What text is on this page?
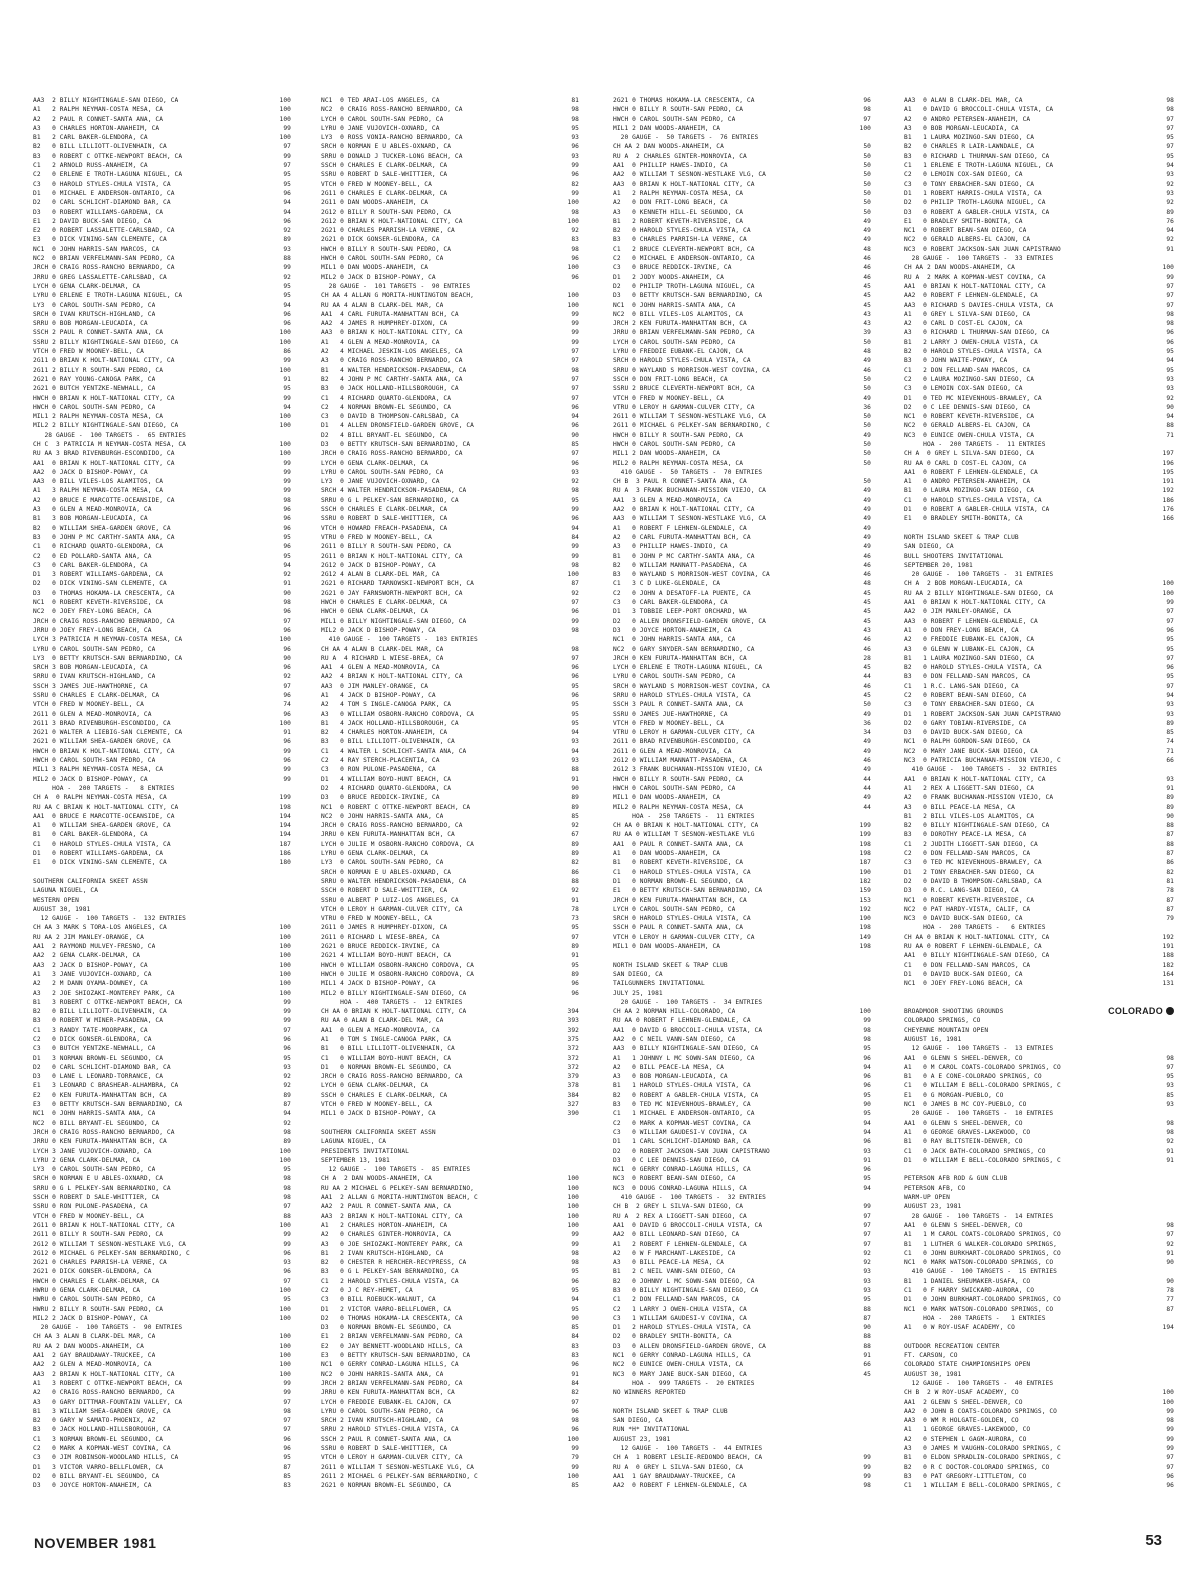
AA3  2 BILLY NIGHTINGALE-SAN DIEGO, CA	100
A1   2 RALPH NEYMAN-COSTA MESA, CA	100
A2   2 PAUL R CONNET-SANTA ANA, CA	100
A3   0 CHARLES HORTON-ANAHEIM, CA	99
B1   2 CARL BAKER-GLENDORA, CA	100
B2   0 BILL LILLIOTT-OLIVENHAIN, CA	97
B3   0 ROBERT C OTTKE-NEWPORT BEACH, CA	99
C1   2 ARNOLD RUSS-ANAHEIM, CA	97
C2   0 ERLENE E TROTH-LAGUNA NIGUEL, CA	95
C3   0 HAROLD STYLES-CHULA VISTA, CA	95
D1   0 MICHAEL E ANDERSON-ONTARIO, CA	96
D2   0 CARL SCHLICHT-DIAMOND BAR, CA	94
D3   0 ROBERT WILLIAMS-GARDENA, CA	94
E1   2 DAVID BUCK-SAN DIEGO, CA	96
E2   0 ROBERT LASSALETTE-CARLSBAD, CA	92
E3   0 DICK VINING-SAN CLEMENTE, CA	89
NC1  0 JOHN HARRIS-SAN MARCOS, CA	93
NC2  0 BRIAN VERFELMANN-SAN PEDRO, CA	88
JRCH 0 CRAIG ROSS-RANCHO BERNARDO, CA	99
JRRU 0 GREG LASSALETTE-CARLSBAD, CA	92
LYCH 0 GENA CLARK-DELMAR, CA	95
LYRU 0 ERLENE E TROTH-LAGUNA NIGUEL, CA	95
LY3  0 CAROL SOUTH-SAN PEDRO, CA	94
SRCH 0 IVAN KRUTSCH-HIGHLAND, CA	96
SRRU 0 BOB MORGAN-LEUCADIA, CA	96
SSCH 2 PAUL R CONNET-SANTA ANA, CA	100
SSRU 2 BILLY NIGHTINGALE-SAN DIEGO, CA	100
VTCH 0 FRED W MOONEY-BELL, CA	86
2G11 0 BRIAN K HOLT-NATIONAL CITY, CA	99
2G11 2 BILLY R SOUTH-SAN PEDRO, CA	100
2G21 0 RAY YOUNG-CANOGA PARK, CA	91
2G21 0 BUTCH YENTZKE-NEWHALL, CA	95
HWCH 0 BRIAN K HOLT-NATIONAL CITY, CA	99
HWCH 0 CAROL SOUTH-SAN PEDRO, CA	94
MIL1 2 RALPH NEYMAN-COSTA MESA, CA	100
MIL2 2 BILLY NIGHTINGALE-SAN DIEGO, CA	100
28 GAUGE -  100 TARGETS -  65 ENTRIES
CH C  3 PATRICIA M NEYMAN-COSTA MESA, CA	100
RU AA 3 BRAD RIVENBURGH-ESCONDIDO, CA	100
AA1  0 BRIAN K HOLT-NATIONAL CITY, CA	99
AA2  0 JACK D BISHOP-POWAY, CA	99
AA3  0 BILL VILES-LOS ALAMITOS, CA	99
A1   3 RALPH NEYMAN-COSTA MESA, CA	99
A2   0 BRUCE E MARCOTTE-OCEANSIDE, CA	98
A3   0 GLEN A MEAD-MONROVIA, CA	96
B1   3 BOB MORGAN-LEUCADIA, CA	96
B2   0 WILLIAM SHEA-GARDEN GROVE, CA	96
B3   0 JOHN P MC CARTHY-SANTA ANA, CA	95
C1   0 RICHARD QUARTO-GLENDORA, CA	96
C2   0 ED POLLARD-SANTA ANA, CA	95
C3   0 CARL BAKER-GLENDORA, CA	94
D1   3 ROBERT WILLIAMS-GARDENA, CA	92
D2   0 DICK VINING-SAN CLEMENTE, CA	91
D3   0 THOMAS HOKAMA-LA CRESCENTA, CA	90
NC1  0 ROBERT KEVETH-RIVERSIDE, CA	98
NC2  0 JOEY FREY-LONG BEACH, CA	96
JRCH 0 CRAIG ROSS-RANCHO BERNARDO, CA	97
JRRU 0 JOEY FREY-LONG BEACH, CA	96
LYCH 3 PATRICIA M NEYMAN-COSTA MESA, CA	100
LYRU 0 CAROL SOUTH-SAN PEDRO, CA	96
LY3  0 BETTY KRUTSCH-SAN BERNARDINO, CA	90
SRCH 3 BOB MORGAN-LEUCADIA, CA	96
SRRU 0 IVAN KRUTSCH-HIGHLAND, CA	92
SSCH 3 JAMES JUE-HAWTHORNE, CA	97
SSRU 0 CHARLES E CLARK-DELMAR, CA	96
VTCH 0 FRED W MOONEY-BELL, CA	74
2G11 0 GLEN A MEAD-MONROVIA, CA	96
2G11 3 BRAD RIVENBURGH-ESCONDIDO, CA	100
2G21 0 WALTER A LIEBIG-SAN CLEMENTE, CA	91
2G21 0 WILLIAM SHEA-GARDEN GROVE, CA	96
HWCH 0 BRIAN K HOLT-NATIONAL CITY, CA	99
HWCH 0 CAROL SOUTH-SAN PEDRO, CA	96
MIL1 3 RALPH NEYMAN-COSTA MESA, CA	99
MIL2 0 JACK D BISHOP-POWAY, CA	99
HOA -  200 TARGETS -   8 ENTRIES
CH A  0 RALPH NEYMAN-COSTA MESA, CA	199
RU AA C BRIAN K HOLT-NATIONAL CITY, CA	198
AA1  0 BRUCE E MARCOTTE-OCEANSIDE, CA	194
A1   0 WILLIAM SHEA-GARDEN GROVE, CA	194
B1   0 CARL BAKER-GLENDORA, CA	194
C1   0 HAROLD STYLES-CHULA VISTA, CA	187
D1   0 ROBERT WILLIAMS-GARDENA, CA	186
E1   0 DICK VINING-SAN CLEMENTE, CA	180
SOUTHERN CALIFORNIA SKEET ASSN
LAGUNA NIGUEL, CA
WESTERN OPEN
AUGUST 30, 1981
12 GAUGE -  100 TARGETS -  132 ENTRIES
CH AA 3 MARK S TORA-LOS ANGELES, CA	100
RU AA 2 JIM MANLEY-ORANGE, CA	100
AA1  2 RAYMOND MULVEY-FRESNO, CA	100
AA2  2 GENA CLARK-DELMAR, CA	100
AA3  2 JACK D BISHOP-POWAY, CA	100
A1   3 JANE VUJOVICH-OXNARD, CA	100
A2   2 M DANN OYAMA-DOWNEY, CA	100
A3   2 JOE SHIOZAKI-MONTEREY PARK, CA	100
B1   3 ROBERT C OTTKE-NEWPORT BEACH, CA	99
B2   0 BILL LILLIOTT-OLIVENHAIN, CA	99
B3   0 ROBERT W MINER-PASADENA, CA	99
C1   3 RANDY TATE-MOORPARK, CA	97
C2   0 DICK GONSER-GLENDORA, CA	96
C3   0 BUTCH YENTZKE-NEWHALL, CA	96
D1   3 NORMAN BROWN-EL SEGUNDO, CA	95
D2   0 CARL SCHLICHT-DIAMOND BAR, CA	93
D3   0 LANE L LEONARD-TORRANCE, CA	92
E1   3 LEONARD C BRASHEAR-ALHAMBRA, CA	92
E2   0 KEN FURUTA-MANHATTAN BCH, CA	89
E3   0 BETTY KRUTSCH-SAN BERNARDINO, CA	87
NC1  0 JOHN HARRIS-SANTA ANA, CA	94
NC2  0 BILL BRYANT-EL SEGUNDO, CA	92
JRCH 0 CRAIG ROSS-RANCHO BERNARDO, CA	98
JRRU 0 KEN FURUTA-MANHATTAN BCH, CA	89
LYCH 3 JANE VUJOVICH-OXNARD, CA	100
LYRU 2 GENA CLARK-DELMAR, CA	100
LY3  0 CAROL SOUTH-SAN PEDRO, CA	95
SRCH 0 NORMAN E U ABLES-OXNARD, CA	98
SRRU 0 G L PELKEY-SAN BERNARDINO, CA	98
SSCH 0 ROBERT D SALE-WHITTIER, CA	98
SSRU 0 RON PULONE-PASADENA, CA	97
VTCH 0 FRED W MOONEY-BELL, CA	88
2G11 0 BRIAN K HOLT-NATIONAL CITY, CA	100
2G11 0 BILLY R SOUTH-SAN PEDRO, CA	99
2G12 0 WILLIAM T SESNON-WESTLAKE VLG, CA	99
2G12 0 MICHAEL G PELKEY-SAN BERNARDINO, C	96
2G21 0 CHARLES PARRISH-LA VERNE, CA	93
2G21 0 DICK GONSER-GLENDORA, CA	96
HWCH 0 CHARLES E CLARK-DELMAR, CA	97
HWRU 0 GENA CLARK-DELMAR, CA	100
HWRU 0 CAROL SOUTH-SAN PEDRO, CA	95
HWRU 2 BILLY R SOUTH-SAN PEDRO, CA	100
MIL2 2 JACK D BISHOP-POWAY, CA	100
20 GAUGE -  100 TARGETS -  90 ENTRIES
CH AA 3 ALAN B CLARK-DEL MAR, CA	100
RU AA 2 DAN WOODS-ANAHEIM, CA	100
AA1  2 GAY BRAUDAWAY-TRUCKEE, CA	100
AA2  2 GLEN A MEAD-MONROVIA, CA	100
AA3  2 BRIAN K HOLT-NATIONAL CITY, CA	100
A1   3 ROBERT C OTTKE-NEWPORT BEACH, CA	99
A2   0 CRAIG ROSS-RANCHO BERNARDO, CA	99
A3   0 GARY DITTMAR-FOUNTAIN VALLEY, CA	97
B1   3 WILLIAM SHEA-GARDEN GROVE, CA	98
B2   0 GARY W SAMATO-PHOENIX, AZ	97
B3   0 JACK HOLLAND-HILLSBOROUGH, CA	97
C1   3 NORMAN BROWN-EL SEGUNDO, CA	96
C2   0 MARK A KOPMAN-WEST COVINA, CA	96
C3   0 JIM ROBINSON-WOODLAND HILLS, CA	95
D1   3 VICTOR VARRO-BELLFLOWER, CA	87
D2   0 BILL BRYANT-EL SEGUNDO, CA	85
D3   0 JOYCE HORTON-ANAHEIM, CA	83
NC1  0 TED ARAI-LOS ANGELES, CA	81
NC2  0 CRAIG ROSS-RANCHO BERNARDO, CA	98
LYCH 0 CAROL SOUTH-SAN PEDRO, CA	98
LYRU 0 JANE VUJOVICH-OXNARD, CA	95
LY3  0 ROSS VONIA-RANCHO BERNARDO, CA	93
SRCH 0 NORMAN E U ABLES-OXNARD, CA	96
SRRU 0 DONALD J TUCKER-LONG BEACH, CA	93
SSCH 0 CHARLES E CLARK-DELMAR, CA	99
SSRU 0 ROBERT D SALE-WHITTIER, CA	96
VTCH 0 FRED W MOONEY-BELL, CA	82
2G11 0 CHARLES E CLARK-DELMAR, CA	99
2G11 0 DAN WOODS-ANAHEIM, CA	100
2G12 0 BILLY R SOUTH-SAN PEDRO, CA	98
2G12 0 BRIAN K HOLT-NATIONAL CITY, CA	100
2G21 0 CHARLES PARRISH-LA VERNE, CA	92
2G21 0 DICK GONSER-GLENDORA, CA	83
HWCH 0 BILLY R SOUTH-SAN PEDRO, CA	98
HWCH 0 CAROL SOUTH-SAN PEDRO, CA	96
MIL1 0 DAN WOODS-ANAHEIM, CA	100
MIL2 0 JACK D BISHOP-POWAY, CA	96
28 GAUGE -  101 TARGETS -  90 ENTRIES
CH AA 4 ALLAN G MORITA-HUNTINGTON BEACH,	100
RU AA 4 ALAN B CLARK-DEL MAR, CA	100
AA1  4 CARL FURUTA-MANHATTAN BCH, CA	99
AA2  4 JAMES R HUMPHREY-DIXON, CA	99
AA3  0 BRIAN K HOLT-NATIONAL CITY, CA	99
A1   4 GLEN A MEAD-MONROVIA, CA	99
A2   4 MICHAEL JESKIN-LOS ANGELES, CA	97
A3   0 CRAIG ROSS-RANCHO BERNARDO, CA	97
B1   4 WALTER HENDRICKSON-PASADENA, CA	98
B2   4 JOHN P MC CARTHY-SANTA ANA, CA	97
B3   0 JACK HOLLAND-HILLSBOROUGH, CA	97
C1   4 RICHARD QUARTO-GLENDORA, CA	97
C2   4 NORMAN BROWN-EL SEGUNDO, CA	96
C3   0 DAVID B THOMPSON-CARLSBAD, CA	94
D1   4 ALLEN DRONSFIELD-GARDEN GROVE, CA	96
D2   4 BILL BRYANT-EL SEGUNDO, CA	90
D3   0 BETTY KRUTSCH-SAN BERNARDINO, CA	85
JRCH 0 CRAIG ROSS-RANCHO BERNARDO, CA	97
LYCH 0 GENA CLARK-DELMAR, CA	96
LYRU 0 CAROL SOUTH-SAN PEDRO, CA	93
LY3  0 JANE VUJOVICH-OXNARD, CA	92
SRCH 4 WALTER HENDRICKSON-PASADENA, CA	98
SRRU 0 G L PELKEY-SAN BERNARDINO, CA	95
SSCH 0 CHARLES E CLARK-DELMAR, CA	99
SSRU 0 ROBERT D SALE-WHITTIER, CA	96
VTCH 0 HOWARD FREACH-PASADENA, CA	94
VTRU 0 FRED W MOONEY-BELL, CA	84
2G11 0 BILLY R SOUTH-SAN PEDRO, CA	99
2G11 0 BRIAN K HOLT-NATIONAL CITY, CA	99
2G12 0 JACK D BISHOP-POWAY, CA	98
2G12 4 ALAN B CLARK-DEL MAR, CA	100
2G21 0 RICHARD TARNOWSKI-NEWPORT BCH, CA	87
2G21 0 JAY FARNSWORTH-NEWPORT BCH, CA	92
HWCH 0 CHARLES E CLARK-DELMAR, CA	97
HWCH 0 GENA CLARK-DELMAR, CA	96
MIL1 0 BILLY NIGHTINGALE-SAN DIEGO, CA	99
MIL2 0 JACK D BISHOP-POWAY, CA	98
410 GAUGE -  100 TARGETS -  103 ENTRIES
CH AA 4 ALAN B CLARK-DEL MAR, CA	98
RU A  4 RICHARD L WIESE-BREA, CA	97
AA1  4 GLEN A MEAD-MONROVIA, CA	96
AA2  4 BRIAN K HOLT-NATIONAL CITY, CA	96
AA3  0 JIM MANLEY-ORANGE, CA	95
A1   4 JACK D BISHOP-POWAY, CA	96
A2   4 TOM S INGLE-CANOGA PARK, CA	95
A3   0 WILLIAM OSBORN-RANCHO CORDOVA, CA	95
B1   4 JACK HOLLAND-HILLSBOROUGH, CA	95
B2   4 CHARLES HORTON-ANAHEIM, CA	94
B3   0 BILL LILLIOTT-OLIVENHAIN, CA	93
C1   4 WALTER L SCHLICHT-SANTA ANA, CA	94
C2   4 RAY STERCH-PLACENTIA, CA	93
C3   0 RON PULONE-PASADENA, CA	88
D1   4 WILLIAM BOYD-HUNT BEACH, CA	91
D2   4 RICHARD QUARTO-GLENDORA, CA	90
D3   0 BRUCE REDDICK-IRVINE, CA	89
NC1  0 ROBERT C OTTKE-NEWPORT BEACH, CA	89
NC2  0 JOHN HARRIS-SANTA ANA, CA	85
JRCH 0 CRAIG ROSS-RANCHO BERNARDO, CA	92
JRRU 0 KEN FURUTA-MANHATTAN BCH, CA	67
LYCH 0 JULIE M OSBORN-RANCHO CORDOVA, CA	89
LYRU 0 GENA CLARK-DELMAR, CA	89
LY3  0 CAROL SOUTH-SAN PEDRO, CA	82
SRCH 0 NORMAN E U ABLES-OXNARD, CA	86
SRRU 0 WALTER HENDRICKSON-PASADENA, CA	88
SSCH 0 ROBERT D SALE-WHITTIER, CA	92
SSRU 0 ALBERT P LUIZ-LOS ANGELES, CA	91
VTCH 0 LEROY H GARMAN-CULVER CITY, CA	78
VTRU 0 FRED W MOONEY-BELL, CA	73
2G11 0 JAMES R HUMPHREY-DIXON, CA	95
2G11 0 RICHARD L WIESE-BREA, CA	97
2G21 0 BRUCE REDDICK-IRVINE, CA	89
2G21 4 WILLIAM BOYD-HUNT BEACH, CA	91
HWCH 0 WILLIAM OSBORN-RANCHO CORDOVA, CA	95
HWCH 0 JULIE M OSBORN-RANCHO CORDOVA, CA	89
MIL1 4 JACK D BISHOP-POWAY, CA	96
MIL2 0 BILLY NIGHTINGALE-SAN DIEGO, CA	96
HOA -  400 TARGETS -  12 ENTRIES
CH AA 0 BRIAN K HOLT-NATIONAL CITY, CA	394
RU AA 0 ALAN B CLARK-DEL MAR, CA	393
AA1  0 GLEN A MEAD-MONROVIA, CA	392
A1   0 TOM S INGLE-CANOGA PARK, CA	375
B1   0 BILL LILLIOTT-OLIVENHAIN, CA	372
C1   0 WILLIAM BOYD-HUNT BEACH, CA	372
D1   0 NORMAN BROWN-EL SEGUNDO, CA	372
JRCH 0 CRAIG ROSS-RANCHO BERNARDO, CA	379
LYCH 0 GENA CLARK-DELMAR, CA	378
SSCH 0 CHARLES E CLARK-DELMAR, CA	384
VTCH 0 FRED W MOONEY-BELL, CA	327
MIL1 0 JACK D BISHOP-POWAY, CA	390
SOUTHERN CALIFORNIA SKEET ASSN
LAGUNA NIGUEL, CA
PRESIDENTS INVITATIONAL
SEPTEMBER 13, 1981
12 GAUGE -  100 TARGETS -  85 ENTRIES
CH A  2 DAN WOODS-ANAHEIM, CA	100
RU AA 2 MICHAEL G PELKEY-SAN BERNARDINO,	100
AA1  2 ALLAN G MORITA-HUNTINGTON BEACH, C	100
AA2  2 PAUL R CONNET-SANTA ANA, CA	100
AA3  2 BRIAN K HOLT-NATIONAL CITY, CA	100
A1   2 CHARLES HORTON-ANAHEIM, CA	100
A2   0 CHARLES GINTER-MONROVIA, CA	99
A3   0 JOE SHIOZAKI-MONTEREY PARK, CA	99
B1   2 IVAN KRUTSCH-HIGHLAND, CA	98
B2   0 CHESTER R HERCHER-RECYPRESS, CA	98
B3   0 G L PELKEY-SAN BERNARDINO, CA	95
C1   2 HAROLD STYLES-CHULA VISTA, CA	96
C2   0 J C REY-HEMET, CA	95
C3   0 BILL ROEBUCK-WALNUT, CA	94
D1   2 VICTOR VARRO-BELLFLOWER, CA	95
D2   0 THOMAS HOKAMA-LA CRESCENTA, CA	90
D3   0 NORMAN BROWN-EL SEGUNDO, CA	85
E1   2 BRIAN VERFELMANN-SAN PEDRO, CA	84
E2   0 JAY BENNETT-WOODLAND HILLS, CA	83
E3   0 BETTY KRUTSCH-SAN BERNARDINO, CA	83
NC1  0 GERRY CONRAD-LAGUNA HILLS, CA	96
NC2  0 JOHN HARRIS-SANTA ANA, CA	91
JRCH 2 BRIAN VERFELMANN-SAN PEDRO, CA	84
JRRU 0 KEN FURUTA-MANHATTAN BCH, CA	82
LYCH 0 FREDDIE EUBANK-EL CAJON, CA	97
LYRU 0 CAROL SOUTH-SAN PEDRO, CA	96
SRCH 2 IVAN KRUTSCH-HIGHLAND, CA	98
SRRU 2 HAROLD STYLES-CHULA VISTA, CA	96
SSCH 2 PAUL R CONNET-SANTA ANA, CA	100
SSRU 0 ROBERT D SALE-WHITTIER, CA	99
VTCH 0 LEROY H GARMAN-CULVER CITY, CA	79
2G11 0 WILLIAM T SESNON-WESTLAKE VLG, CA	99
2G11 2 MICHAEL G PELKEY-SAN BERNARDINO, C	100
2G21 0 NORMAN BROWN-EL SEGUNDO, CA	85
2G21 0 THOMAS HOKAMA-LA CRESCENTA, CA	96
HWCH 0 BILLY R SOUTH-SAN PEDRO, CA	98
HWCH 0 CAROL SOUTH-SAN PEDRO, CA	97
MIL1 2 DAN WOODS-ANAHEIM, CA	100
20 GAUGE -  50 TARGETS -  76 ENTRIES
CH AA 2 DAN WOODS-ANAHEIM, CA	50
RU A  2 CHARLES GINTER-MONROVIA, CA	50
AA1  0 PHILLIP HAWES-INDIO, CA	50
AA2  0 WILLIAM T SESNON-WESTLAKE VLG, CA	50
AA3  0 BRIAN K HOLT-NATIONAL CITY, CA	50
A1   2 RALPH NEYMAN-COSTA MESA, CA	50
A2   0 DON FRIT-LONG BEACH, CA	50
A3   0 KENNETH HILL-EL SEGUNDO, CA	50
B1   2 ROBERT KEVETH-RIVERSIDE, CA	49
B2   0 HAROLD STYLES-CHULA VISTA, CA	49
B3   0 CHARLES PARRISH-LA VERNE, CA	49
C1   2 BRUCE CLEVERTH-NEWPORT BCH, CA	48
C2   0 MICHAEL E ANDERSON-ONTARIO, CA	46
C3   0 BRUCE REDDICK-IRVINE, CA	46
D1   2 JODY WOODS-ANAHEIM, CA	46
D2   0 PHILIP TROTH-LAGUNA NIGUEL, CA	45
D3   0 BETTY KRUTSCH-SAN BERNARDINO, CA	45
NC1  0 JOHN HARRIS-SANTA ANA, CA	45
NC2  0 BILL VILES-LOS ALAMITOS, CA	43
JRCH 2 KEN FURUTA-MANHATTAN BCH, CA	43
JRRU 0 BRIAN VERFELMANN-SAN PEDRO, CA	39
LYCH 0 CAROL SOUTH-SAN PEDRO, CA	50
LYRU 0 FREDDIE EUBANK-EL CAJON, CA	48
SRCH 0 HAROLD STYLES-CHULA VISTA, CA	49
SRRU 0 WAYLAND S MORRISON-WEST COVINA, CA	46
SSCH 0 DON FRIT-LONG BEACH, CA	50
SSRU 2 BRUCE CLEVERTH-NEWPORT BCH, CA	50
VTCH 0 FRED W MOONEY-BELL, CA	49
VTRU 0 LEROY H GARMAN-CULVER CITY, CA	36
2G11 0 WILLIAM T SESNON-WESTLAKE VLG, CA	50
2G11 0 MICHAEL G PELKEY-SAN BERNARDINO, C	50
HWCH 0 BILLY R SOUTH-SAN PEDRO, CA	49
HWCH 0 CAROL SOUTH-SAN PEDRO, CA	50
MIL1 2 DAN WOODS-ANAHEIM, CA	50
MIL2 0 RALPH NEYMAN-COSTA MESA, CA	50
410 GAUGE -  50 TARGETS -  70 ENTRIES
CH B  3 PAUL R CONNET-SANTA ANA, CA	50
RU A  3 FRANK BUCHANAN-MISSION VIEJO, CA	49
AA1  3 GLEN A MEAD-MONROVIA, CA	49
AA2  0 BRIAN K HOLT-NATIONAL CITY, CA	49
AA3  0 WILLIAM T SESNON-WESTLAKE VLG, CA	49
A1   0 ROBERT F LEHNEN-GLENDALE, CA	49
A2   0 CARL FURUTA-MANHATTAN BCH, CA	49
A3   0 PHILLIP HAWES-INDIO, CA	49
B1   0 JOHN P MC CARTHY-SANTA ANA, CA	46
B2   0 WILLIAM MANNATT-PASADENA, CA	46
B3   0 WAYLAND S MORRISON-WEST COVINA, CA	46
C1   3 C D LUKE-GLENDALE, CA	48
C2   0 JOHN A DESATOFF-LA PUENTE, CA	45
C3   0 CARL BAKER-GLENDORA, CA	45
D1   3 TOBBIE LEEP-PORT ORCHARD, WA	45
D2   0 ALLEN DRONSFIELD-GARDEN GROVE, CA	45
D3   0 JOYCE HORTON-ANAHEIM, CA	43
NC1  0 JOHN HARRIS-SANTA ANA, CA	46
NC2  0 GARY SNYDER-SAN BERNARDINO, CA	46
JRCH 0 KEN FURUTA-MANHATTAN BCH, CA	28
LYCH 0 ERLENE E TROTH-LAGUNA NIGUEL, CA	45
LYRU 0 CAROL SOUTH-SAN PEDRO, CA	44
SRCH 0 WAYLAND S MORRISON-WEST COVINA, CA	46
SRRU 0 HAROLD STYLES-CHULA VISTA, CA	45
SSCH 3 PAUL R CONNET-SANTA ANA, CA	50
SSRU 0 JAMES JUE-HAWTHORNE, CA	49
VTCH 0 FRED W MOONEY-BELL, CA	36
VTRU 0 LEROY H GARMAN-CULVER CITY, CA	34
2G11 0 BRAD RIVENBURGH-ESCONDIDO, CA	49
2G11 0 GLEN A MEAD-MONROVIA, CA	49
2G12 0 WILLIAM MANNATT-PASADENA, CA	46
2G12 3 FRANK BUCHANAN-MISSION VIEJO, CA	49
HWCH 0 BILLY R SOUTH-SAN PEDRO, CA	44
HWCH 0 CAROL SOUTH-SAN PEDRO, CA	44
MIL1 0 DAN WOODS-ANAHEIM, CA	49
MIL2 0 RALPH NEYMAN-COSTA MESA, CA	44
HOA -  250 TARGETS -  11 ENTRIES
CH AA 0 BRIAN K HOLT-NATIONAL CITY, CA	199
RU AA 0 WILLIAM T SESNON-WESTLAKE VLG	199
AA1  0 PAUL R CONNET-SANTA ANA, CA	198
A1   0 DAN WOODS-ANAHEIM, CA	198
B1   0 ROBERT KEVETH-RIVERSIDE, CA	187
C1   0 HAROLD STYLES-CHULA VISTA, CA	190
D1   0 NORMAN BROWN-EL SEGUNDO, CA	182
E1   0 BETTY KRUTSCH-SAN BERNARDINO, CA	159
JRCH 0 KEN FURUTA-MANHATTAN BCH, CA	153
LYCH 0 CAROL SOUTH-SAN PEDRO, CA	192
SRCH 0 HAROLD STYLES-CHULA VISTA, CA	190
SSCH 0 PAUL R CONNET-SANTA ANA, CA	198
VTCH 0 LEROY H GARMAN-CULVER CITY, CA	149
MIL1 0 DAN WOODS-ANAHEIM, CA	198
NORTH ISLAND SKEET & TRAP CLUB
SAN DIEGO, CA
TAILGUNNERS INVITATIONAL
JULY 25, 1981
20 GAUGE -  100 TARGETS -  34 ENTRIES
CH AA 2 NORMAN HILL-COLORADO, CA	100
RU AA 0 ROBERT F LEHNEN-GLENDALE, CA	99
AA1  0 DAVID G BROCCOLI-CHULA VISTA, CA	98
AA2  0 C NEIL VANN-SAN DIEGO, CA	98
AA3  0 BILLY NIGHTINGALE-SAN DIEGO, CA	95
A1   1 JOHNNY L MC SOWN-SAN DIEGO, CA	96
A2   0 BILL PEACE-LA MESA, CA	94
A3   0 BOB MORGAN-LEUCADIA, CA	96
B1   1 HAROLD STYLES-CHULA VISTA, CA	96
B2   0 ROBERT A GABLER-CHULA VISTA, CA	95
B3   0 TED MC NIEVENHOUS-BRAWLEY, CA	90
C1   1 MICHAEL E ANDERSON-ONTARIO, CA	95
C2   0 MARK A KOPMAN-WEST COVINA, CA	94
C3   0 WILLIAM GAUDESI-V COVINA, CA	94
D1   1 CARL SCHLICHT-DIAMOND BAR, CA	96
D2   0 ROBERT JACKSON-SAN JUAN CAPISTRANO	93
D3   0 C LEE DENNIS-SAN DIEGO, CA	91
NC1  0 GERRY CONRAD-LAGUNA HILLS, CA	96
NC3  0 ROBERT BEAN-SAN DIEGO, CA	95
NC3  0 DOUG CONRAD-LAGUNA HILLS, CA	94
410 GAUGE -  100 TARGETS -  32 ENTRIES
CH B  2 GREY L SILVA-SAN DIEGO, CA	99
RU A  2 REX A LIGGETT-SAN DIEGO, CA	97
AA1  0 DAVID G BROCCOLI-CHULA VISTA, CA	97
AA2  0 BILL LEONARD-SAN DIEGO, CA	97
A1   2 ROBERT F LEHNEN-GLENDALE, CA	97
A2   0 W F MARCHANT-LAKESIDE, CA	92
A3   0 BILL PEACE-LA MESA, CA	92
B1   2 C NEIL VANN-SAN DIEGO, CA	93
B2   0 JOHNNY L MC SOWN-SAN DIEGO, CA	93
B3   0 BILLY NIGHTINGALE-SAN DIEGO, CA	93
C1   2 DON FELLAND-SAN MARCOS, CA	95
C2   1 LARRY J OWEN-CHULA VISTA, CA	88
C3   1 WILLIAM GAUDESI-V COVINA, CA	87
D1   2 HAROLD STYLES-CHULA VISTA, CA	90
D2   0 BRADLEY SMITH-BONITA, CA	88
D3   0 ALLEN DRONSFIELD-GARDEN GROVE, CA	88
NC1  0 GERRY CONRAD-LAGUNA HILLS, CA	91
NC2  0 EUNICE OWEN-CHULA VISTA, CA	66
NC3  0 MARY JANE BUCK-SAN DIEGO, CA	45
HOA -  999 TARGETS -  20 ENTRIES
NO WINNERS REPORTED
NORTH ISLAND SKEET & TRAP CLUB
SAN DIEGO, CA
RUN *H* INVITATIONAL
AUGUST 23, 1981
12 GAUGE -  100 TARGETS -  44 ENTRIES
CH A  1 ROBERT LESLIE-REDONDO BEACH, CA	99
RU A  0 GREY L SILVA-SAN DIEGO, CA	99
AA1  1 GAY BRAUDAWAY-TRUCKEE, CA	99
AA2  0 ROBERT F LEHNEN-GLENDALE, CA	98
AA3  0 ALAN B CLARK-DEL MAR, CA	98
A1   0 DAVID G BROCCOLI-CHULA VISTA, CA	98
A2   0 ANDRO PETERSEN-ANAHEIM, CA	97
A3   0 BOB MORGAN-LEUCADIA, CA	97
B1   1 LAURA MOZINGO-SAN DIEGO, CA	95
B2   0 CHARLES R LAIR-LAWNDALE, CA	97
B3   0 RICHARD L THURMAN-SAN DIEGO, CA	95
C1   1 ERLENE E TROTH-LAGUNA NIGUEL, CA	94
C2   0 LEMOIN COX-SAN DIEGO, CA	93
C3   0 TONY ERBACHER-SAN DIEGO, CA	92
D1   1 ROBERT HARRIS-CHULA VISTA, CA	93
D2   0 PHILIP TROTH-LAGUNA NIGUEL, CA	92
D3   0 ROBERT A GABLER-CHULA VISTA, CA	89
E1   0 BRADLEY SMITH-BONITA, CA	76
NC1  0 ROBERT BEAN-SAN DIEGO, CA	94
NC2  0 GERALD ALBERS-EL CAJON, CA	92
NC3  0 ROBERT JACKSON-SAN JUAN CAPISTRANO	91
28 GAUGE -  100 TARGETS -  33 ENTRIES
CH AA 2 DAN WOODS-ANAHEIM, CA	100
RU A  2 MARK A KOPMAN-WEST COVINA, CA	99
AA1  0 BRIAN K HOLT-NATIONAL CITY, CA	97
AA2  0 ROBERT F LEHNEN-GLENDALE, CA	97
AA3  0 RICHARD S DAVIES-CHULA VISTA, CA	97
A1   0 GREY L SILVA-SAN DIEGO, CA	98
A2   0 CARL D COST-EL CAJON, CA	98
A3   0 RICHARD L THURMAN-SAN DIEGO, CA	96
B1   2 LARRY J OWEN-CHULA VISTA, CA	96
B2   0 HAROLD STYLES-CHULA VISTA, CA	95
B3   0 JOHN WAITE-POWAY, CA	94
C1   2 DON FELLAND-SAN MARCOS, CA	95
C2   0 LAURA MOZINGO-SAN DIEGO, CA	93
C3   0 LEMOIN COX-SAN DIEGO, CA	93
D1   0 TED MC NIEVENHOUS-BRAWLEY, CA	92
D2   0 C LEE DENNIS-SAN DIEGO, CA	90
NC1  0 ROBERT KEVETH-RIVERSIDE, CA	94
NC2  0 GERALD ALBERS-EL CAJON, CA	88
NC3  0 EUNICE OWEN-CHULA VISTA, CA	71
HOA -  200 TARGETS -  11 ENTRIES
CH A  0 GREY L SILVA-SAN DIEGO, CA	197
RU AA 0 CARL D COST-EL CAJON, CA	196
AA1  0 ROBERT F LEHNEN-GLENDALE, CA	195
A1   0 ANDRO PETERSEN-ANAHEIM, CA	191
B1   0 LAURA MOZINGO-SAN DIEGO, CA	192
C1   0 HAROLD STYLES-CHULA VISTA, CA	186
D1   0 ROBERT A GABLER-CHULA VISTA, CA	176
E1   0 BRADLEY SMITH-BONITA, CA	166
NORTH ISLAND SKEET & TRAP CLUB
SAN DIEGO, CA
BULL SHOOTERS INVITATIONAL
SEPTEMBER 20, 1981
20 GAUGE -  100 TARGETS -  31 ENTRIES
CH A  2 BOB MORGAN-LEUCADIA, CA	100
RU AA 2 BILLY NIGHTINGALE-SAN DIEGO, CA	100
AA1  0 BRIAN K HOLT-NATIONAL CITY, CA	99
AA2  0 JIM MANLEY-ORANGE, CA	97
AA3  0 ROBERT F LEHNEN-GLENDALE, CA	97
A1   0 DON FREY-LONG BEACH, CA	96
A2   0 FREDDIE EUBANK-EL CAJON, CA	95
A3   0 GLENN W LUBANK-EL CAJON, CA	95
B1   1 LAURA MOZINGO-SAN DIEGO, CA	97
B2   0 HAROLD STYLES-CHULA VISTA, CA	96
B3   0 DON FELLAND-SAN MARCOS, CA	95
C1   1 R.C. LANG-SAN DIEGO, CA	97
C2   0 ROBERT BEAN-SAN DIEGO, CA	94
C3   0 TONY ERBACHER-SAN DIEGO, CA	93
D1   1 ROBERT JACKSON-SAN JUAN CAPISTRANO	93
D2   0 GARY TOBIAN-RIVERSIDE, CA	89
D3   0 DAVID BUCK-SAN DIEGO, CA	85
NC1  0 RALPH GORDON-SAN DIEGO, CA	74
NC2  0 MARY JANE BUCK-SAN DIEGO, CA	71
NC3  0 PATRICIA BUCHANAN-MISSION VIEJO, C	66
410 GAUGE -  100 TARGETS -  32 ENTRIES
AA1  0 BRIAN K HOLT-NATIONAL CITY, CA	93
A1   2 REX A LIGGETT-SAN DIEGO, CA	91
A2   0 FRANK BUCHANAN-MISSION VIEJO, CA	89
A3   0 BILL PEACE-LA MESA, CA	89
B1   2 BILL VILES-LOS ALAMITOS, CA	90
B2   0 BILLY NIGHTINGALE-SAN DIEGO, CA	88
B3   0 DOROTHY PEACE-LA MESA, CA	87
C1   2 JUDITH LIGGETT-SAN DIEGO, CA	88
C2   0 DON FELLAND-SAN MARCOS, CA	87
C3   0 TED MC NIEVENHOUS-BRAWLEY, CA	86
D1   2 TONY ERBACHER-SAN DIEGO, CA	82
D2   0 DAVID B THOMPSON-CARLSBAD, CA	81
D3   0 R.C. LANG-SAN DIEGO, CA	78
NC1  0 ROBERT KEVETH-RIVERSIDE, CA	87
NC2  0 PAT HARDY-VISTA, CALIF, CA	87
NC3  0 DAVID BUCK-SAN DIEGO, CA	79
HOA -  200 TARGETS -   6 ENTRIES
CH AA 0 BRIAN K HOLT-NATIONAL CITY, CA	192
RU AA 0 ROBERT F LEHNEN-GLENDALE, CA	191
AA1  0 BILLY NIGHTINGALE-SAN DIEGO, CA	188
C1   0 DON FELLAND-SAN MARCOS, CA	182
D1   0 DAVID BUCK-SAN DIEGO, CA	164
NC1  0 JOEY FREY-LONG BEACH, CA	131
BROADMOOR SHOOTING GROUNDS	COLORADO
COLORADO SPRINGS, CO
CHEYENNE MOUNTAIN OPEN
AUGUST 16, 1981
12 GAUGE -  100 TARGETS -  13 ENTRIES
AA1  0 GLENN S SHEEL-DENVER, CO	98
A1   0 M CAROL COATS-COLORADO SPRINGS, CO	97
B1   0 A E CONE-COLORADO SPRINGS, CO	95
C1   0 WILLIAM E BELL-COLORADO SPRINGS, C	93
E1   0 G MORGAN-PUEBLO, CO	85
NC1  0 JAMES B MC COY-PUEBLO, CO	93
20 GAUGE -  100 TARGETS -  10 ENTRIES
AA1  0 GLENN S SHEEL-DENVER, CO	98
A1   0 GEORGE GRAVES-LAKEWOOD, CO	98
B1   0 RAY BLITSTEIN-DENVER, CO	92
C1   0 JACK BATH-COLORADO SPRINGS, CO	91
D1   0 WILLIAM E BELL-COLORADO SPRINGS, C	91
PETERSON AFB ROD & GUN CLUB
PETERSON AFB, CO
WARM-UP OPEN
AUGUST 23, 1981
28 GAUGE -  100 TARGETS -  14 ENTRIES
AA1  0 GLENN S SHEEL-DENVER, CO	98
A1   1 M CAROL COATS-COLORADO SPRINGS, CO	97
B1   1 LUTHER G WALKER-COLORADO SPRINGS,	92
C1   0 JOHN BURKHART-COLORADO SPRINGS, CO	91
NC1  0 MARK WATSON-COLORADO SPRINGS, CO	90
410 GAUGE -  100 TARGETS -  15 ENTRIES
B1   1 DANIEL SHEUMAKER-USAFA, CO	90
C1   0 F HARRY SWICKARD-AURORA, CO	78
D1   0 JOHN BURKHART-COLORADO SPRINGS, CO	77
NC1  0 MARK WATSON-COLORADO SPRINGS, CO	87
HOA -  200 TARGETS -   1 ENTRIES
A1   0 W ROY-USAF ACADEMY, CO	194
OUTDOOR RECREATION CENTER
FT. CARSON, CO
COLORADO STATE CHAMPIONSHIPS OPEN
AUGUST 30, 1981
12 GAUGE -  100 TARGETS -  40 ENTRIES
CH B  2 W ROY-USAF ACADEMY, CO	100
AA1  2 GLENN S SHEEL-DENVER, CO	100
AA2  0 JOHN B COATS-COLORADO SPRINGS, CO	99
AA3  0 WM R HOLGATE-GOLDEN, CO	98
A1   1 GEORGE GRAVES-LAKEWOOD, CO	99
A2   0 STEPHEN L GAGM-AURORA, CO	99
A3   0 JAMES M VAUGHN-COLORADO SPRINGS, C	99
B1   0 ELDON SPRADLIN-COLORADO SPRINGS, C	97
B2   0 R C DOCTOR-COLORADO SPRINGS, CO	97
B3   0 PAT GREGORY-LITTLETON, CO	96
C1   1 WILLIAM E BELL-COLORADO SPRINGS, C	96
NOVEMBER 1981	53
